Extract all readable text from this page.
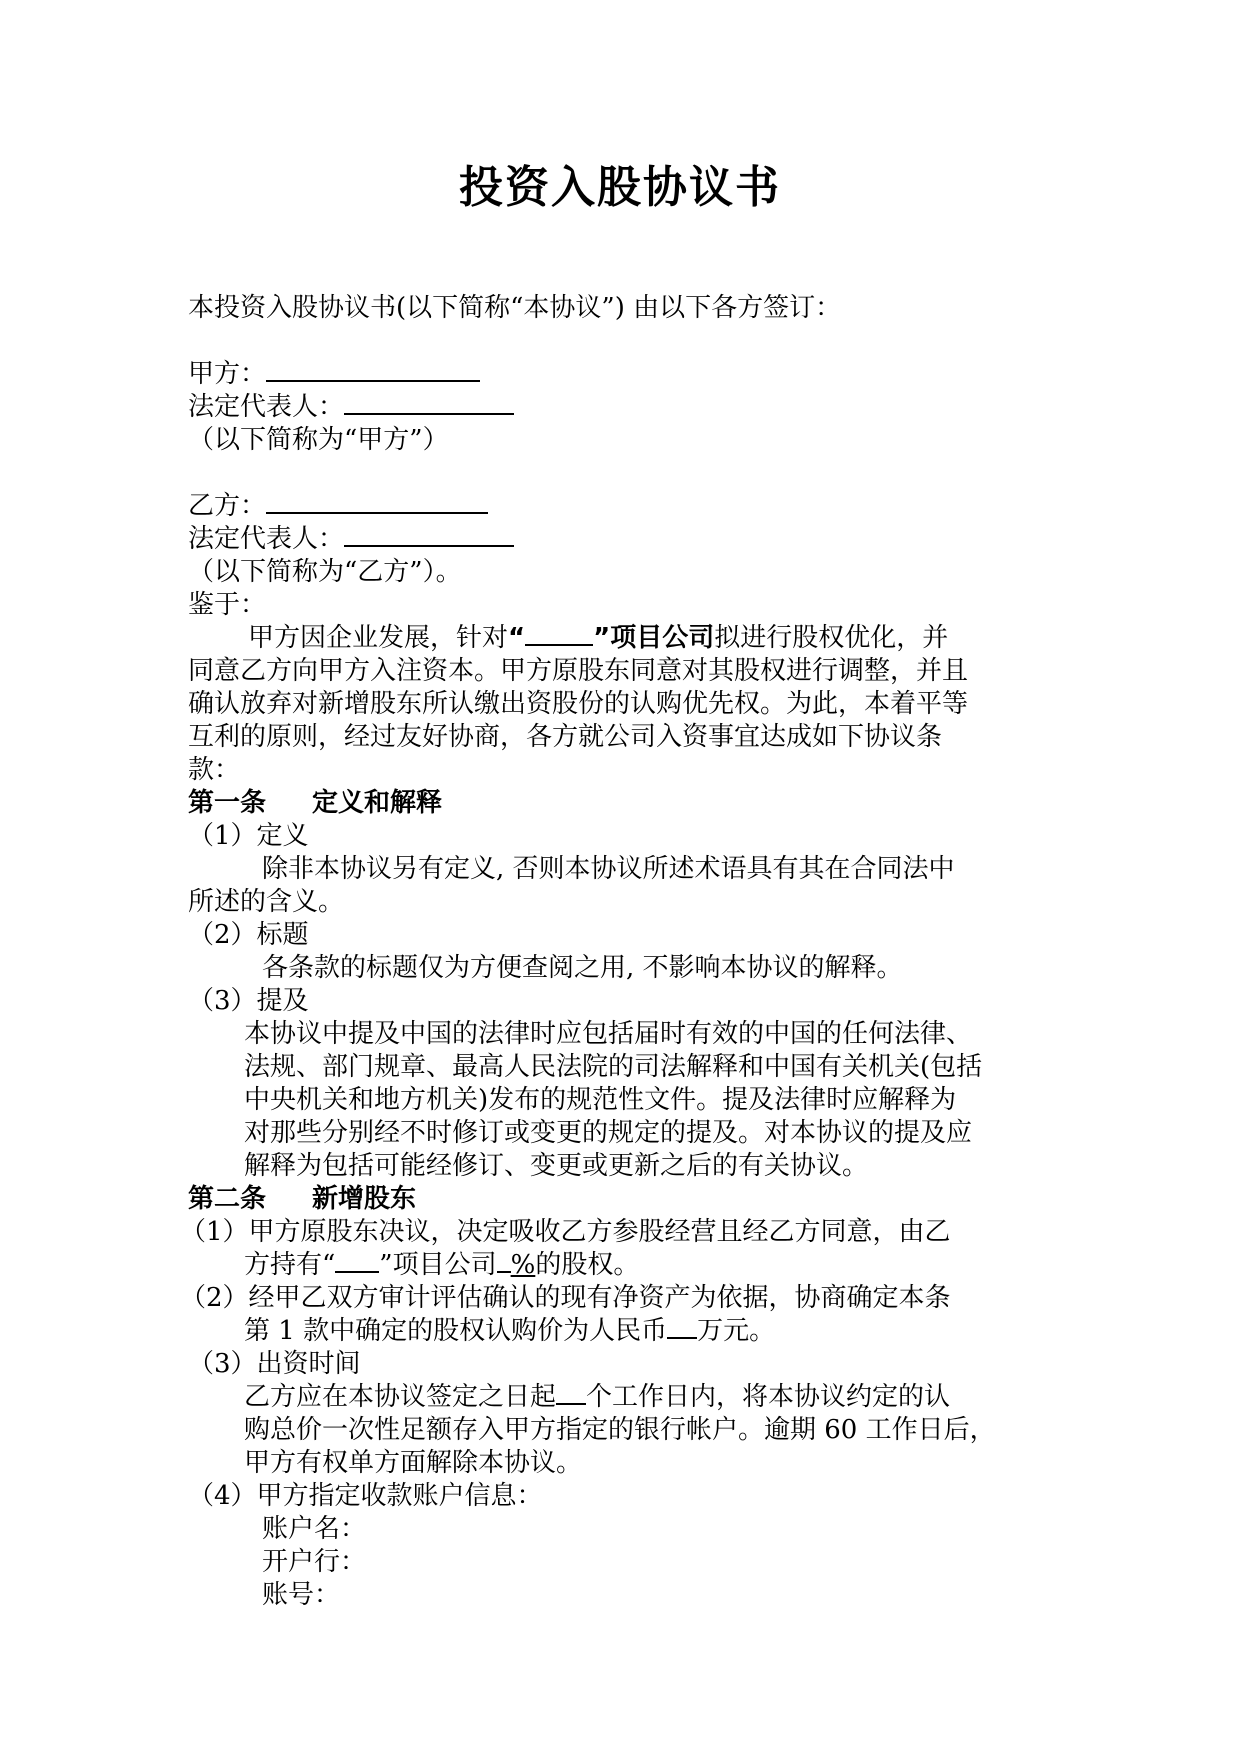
投资入股协议书
本投资入股协议书(以下简称“本协议”) 由以下各方签订：
甲方：
法定代表人：
（以下简称为“甲方”）
乙方：
法定代表人：
（以下简称为“乙方”）。
鉴于：
甲方因企业发展，针对“	”项目公司拟进行股权优化，并
同意乙方向甲方入注资本。甲方原股东同意对其股权进行调整，并且
确认放弃对新增股东所认缴出资股份的认购优先权。为此，本着平等
互利的原则，经过友好协商，各方就公司入资事宜达成如下协议条
款：
第一条 定义和解释
（1）定义
除非本协议另有定义, 否则本协议所述术语具有其在合同法中
所述的含义。
（2）标题
各条款的标题仅为方便查阅之用, 不影响本协议的解释。
（3）提及
本协议中提及中国的法律时应包括届时有效的中国的任何法律、
法规、部门规章、最高人民法院的司法解释和中国有关机关(包括
中央机关和地方机关)发布的规范性文件。提及法律时应解释为
对那些分别经不时修订或变更的规定的提及。对本协议的提及应
解释为包括可能经修订、变更或更新之后的有关协议。
第二条 新增股东
（1）甲方原股东决议，决定吸收乙方参股经营且经乙方同意，由乙
方持有“ ”项目公司 %的股权。
（2）经甲乙双方审计评估确认的现有净资产为依据，协商确定本条
第 1 款中确定的股权认购价为人民币 万元。
（3）出资时间
乙方应在本协议签定之日起 个工作日内，将本协议约定的认
购总价一次性足额存入甲方指定的银行帐户。逾期 60 工作日后，
甲方有权单方面解除本协议。
（4）甲方指定收款账户信息：
账户名：
开户行：
账号：
